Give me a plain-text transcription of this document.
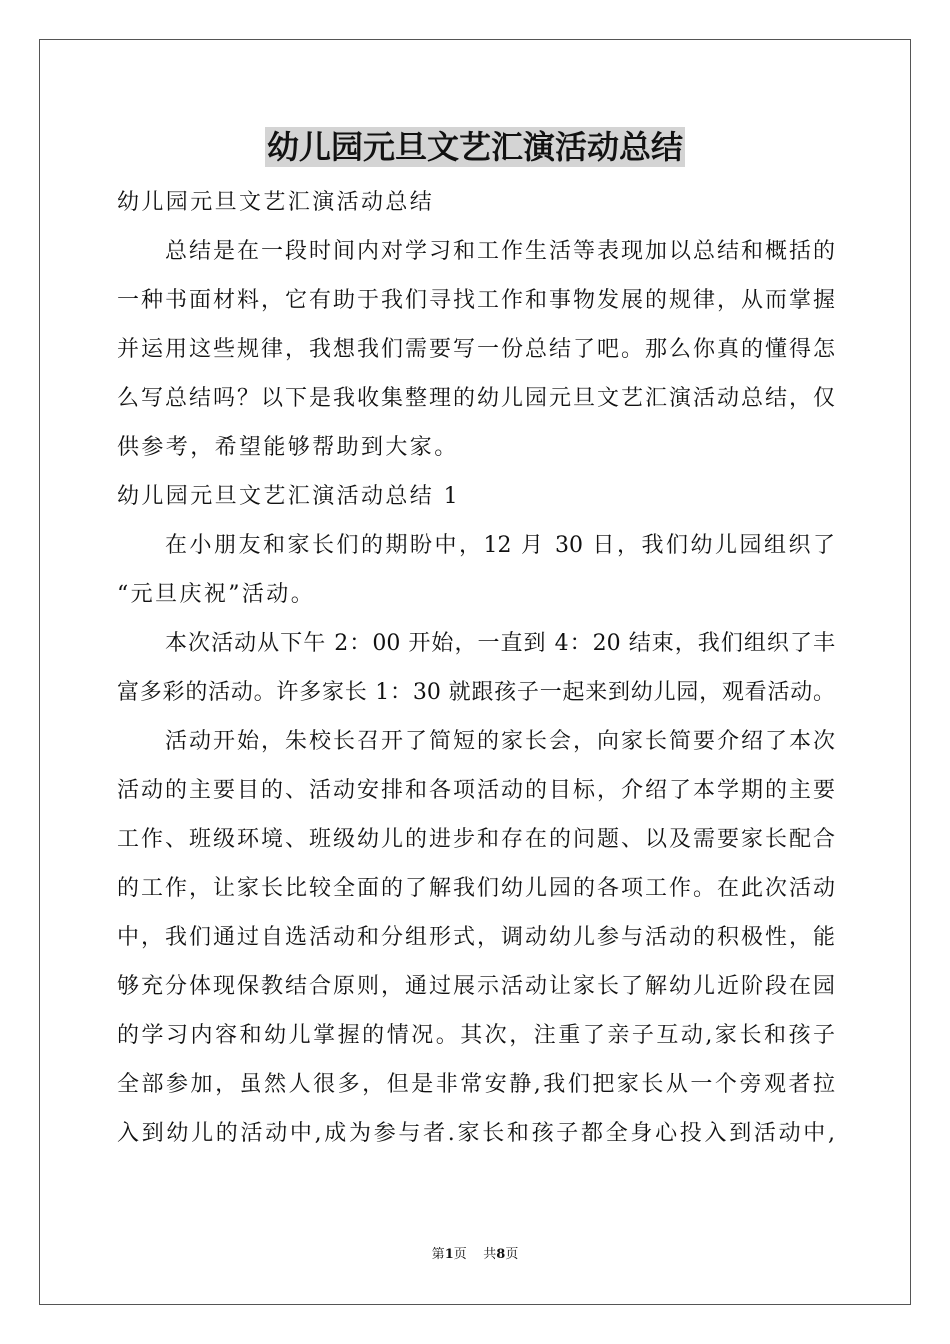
幼儿园元旦文艺汇演活动总结
幼儿园元旦文艺汇演活动总结
总结是在一段时间内对学习和工作生活等表现加以总结和概括的
一种书面材料，它有助于我们寻找工作和事物发展的规律，从而掌握
并运用这些规律，我想我们需要写一份总结了吧。那么你真的懂得怎
么写总结吗？以下是我收集整理的幼儿园元旦文艺汇演活动总结，仅
供参考，希望能够帮助到大家。
幼儿园元旦文艺汇演活动总结 1
在小朋友和家长们的期盼中，12 月 30 日，我们幼儿园组织了
“元旦庆祝”活动。
本次活动从下午 2：00 开始，一直到 4：20 结束，我们组织了丰
富多彩的活动。许多家长 1：30 就跟孩子一起来到幼儿园，观看活动。
活动开始，朱校长召开了简短的家长会，向家长简要介绍了本次
活动的主要目的、活动安排和各项活动的目标，介绍了本学期的主要
工作、班级环境、班级幼儿的进步和存在的问题、以及需要家长配合
的工作，让家长比较全面的了解我们幼儿园的各项工作。在此次活动
中，我们通过自选活动和分组形式，调动幼儿参与活动的积极性，能
够充分体现保教结合原则，通过展示活动让家长了解幼儿近阶段在园
的学习内容和幼儿掌握的情况。其次，注重了亲子互动,家长和孩子
全部参加，虽然人很多，但是非常安静,我们把家长从一个旁观者拉
入到幼儿的活动中,成为参与者.家长和孩子都全身心投入到活动中,
第1页    共8页
